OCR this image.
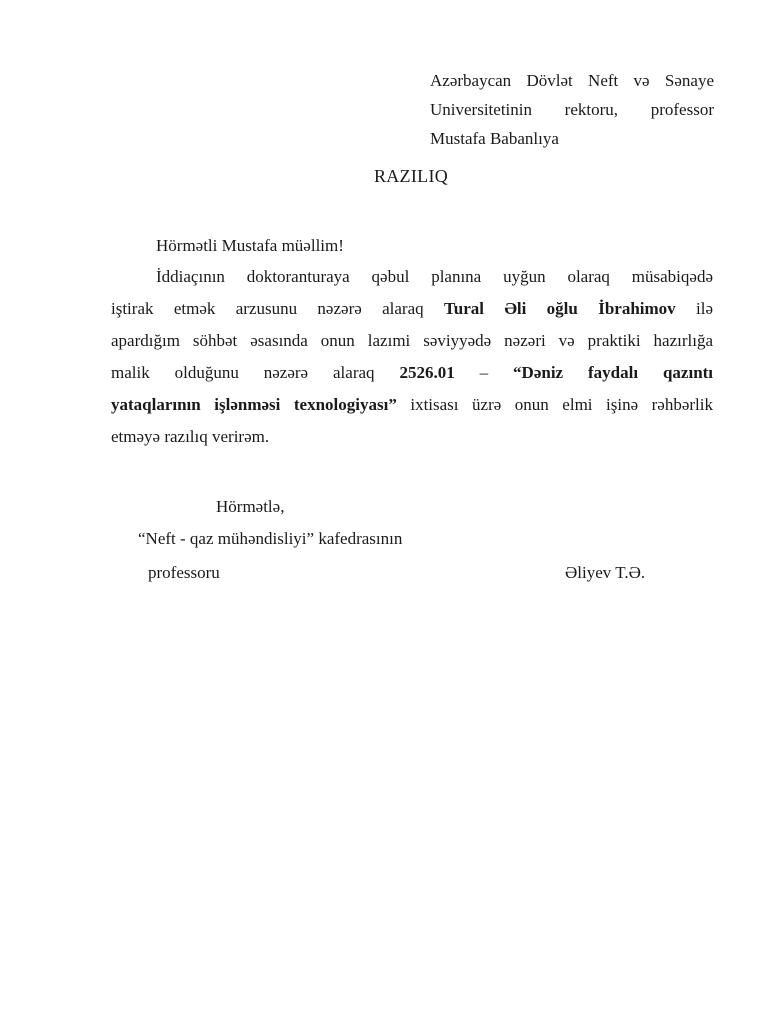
Azərbaycan Dövlət Neft və Sənaye
Universitetinin rektoru, professor
Mustafa Babanlıya
RAZILIQ
Hörmətli Mustafa müəllim!
İddiaçının doktoranturaya qəbul planına uyğun olaraq müsabiqədə
iştirak etmək arzusunu nəzərə alaraq Tural Əli oğlu İbrahimov ilə
apardığım söhbət əsasında onun lazımi səviyyədə nəzəri və praktiki hazırlığa
malik olduğunu nəzərə alaraq 2526.01 – “Dəniz faydalı qazıntı
yataqlarının işlənməsi texnologiyası” ixtisası üzrə onun elmi işinə rəhbərlik
etməyə razılıq verirəm.
Hörmətlə,
“Neft - qaz mühəndisliyi” kafedrasının
professoru	Əliyev T.Ə.
